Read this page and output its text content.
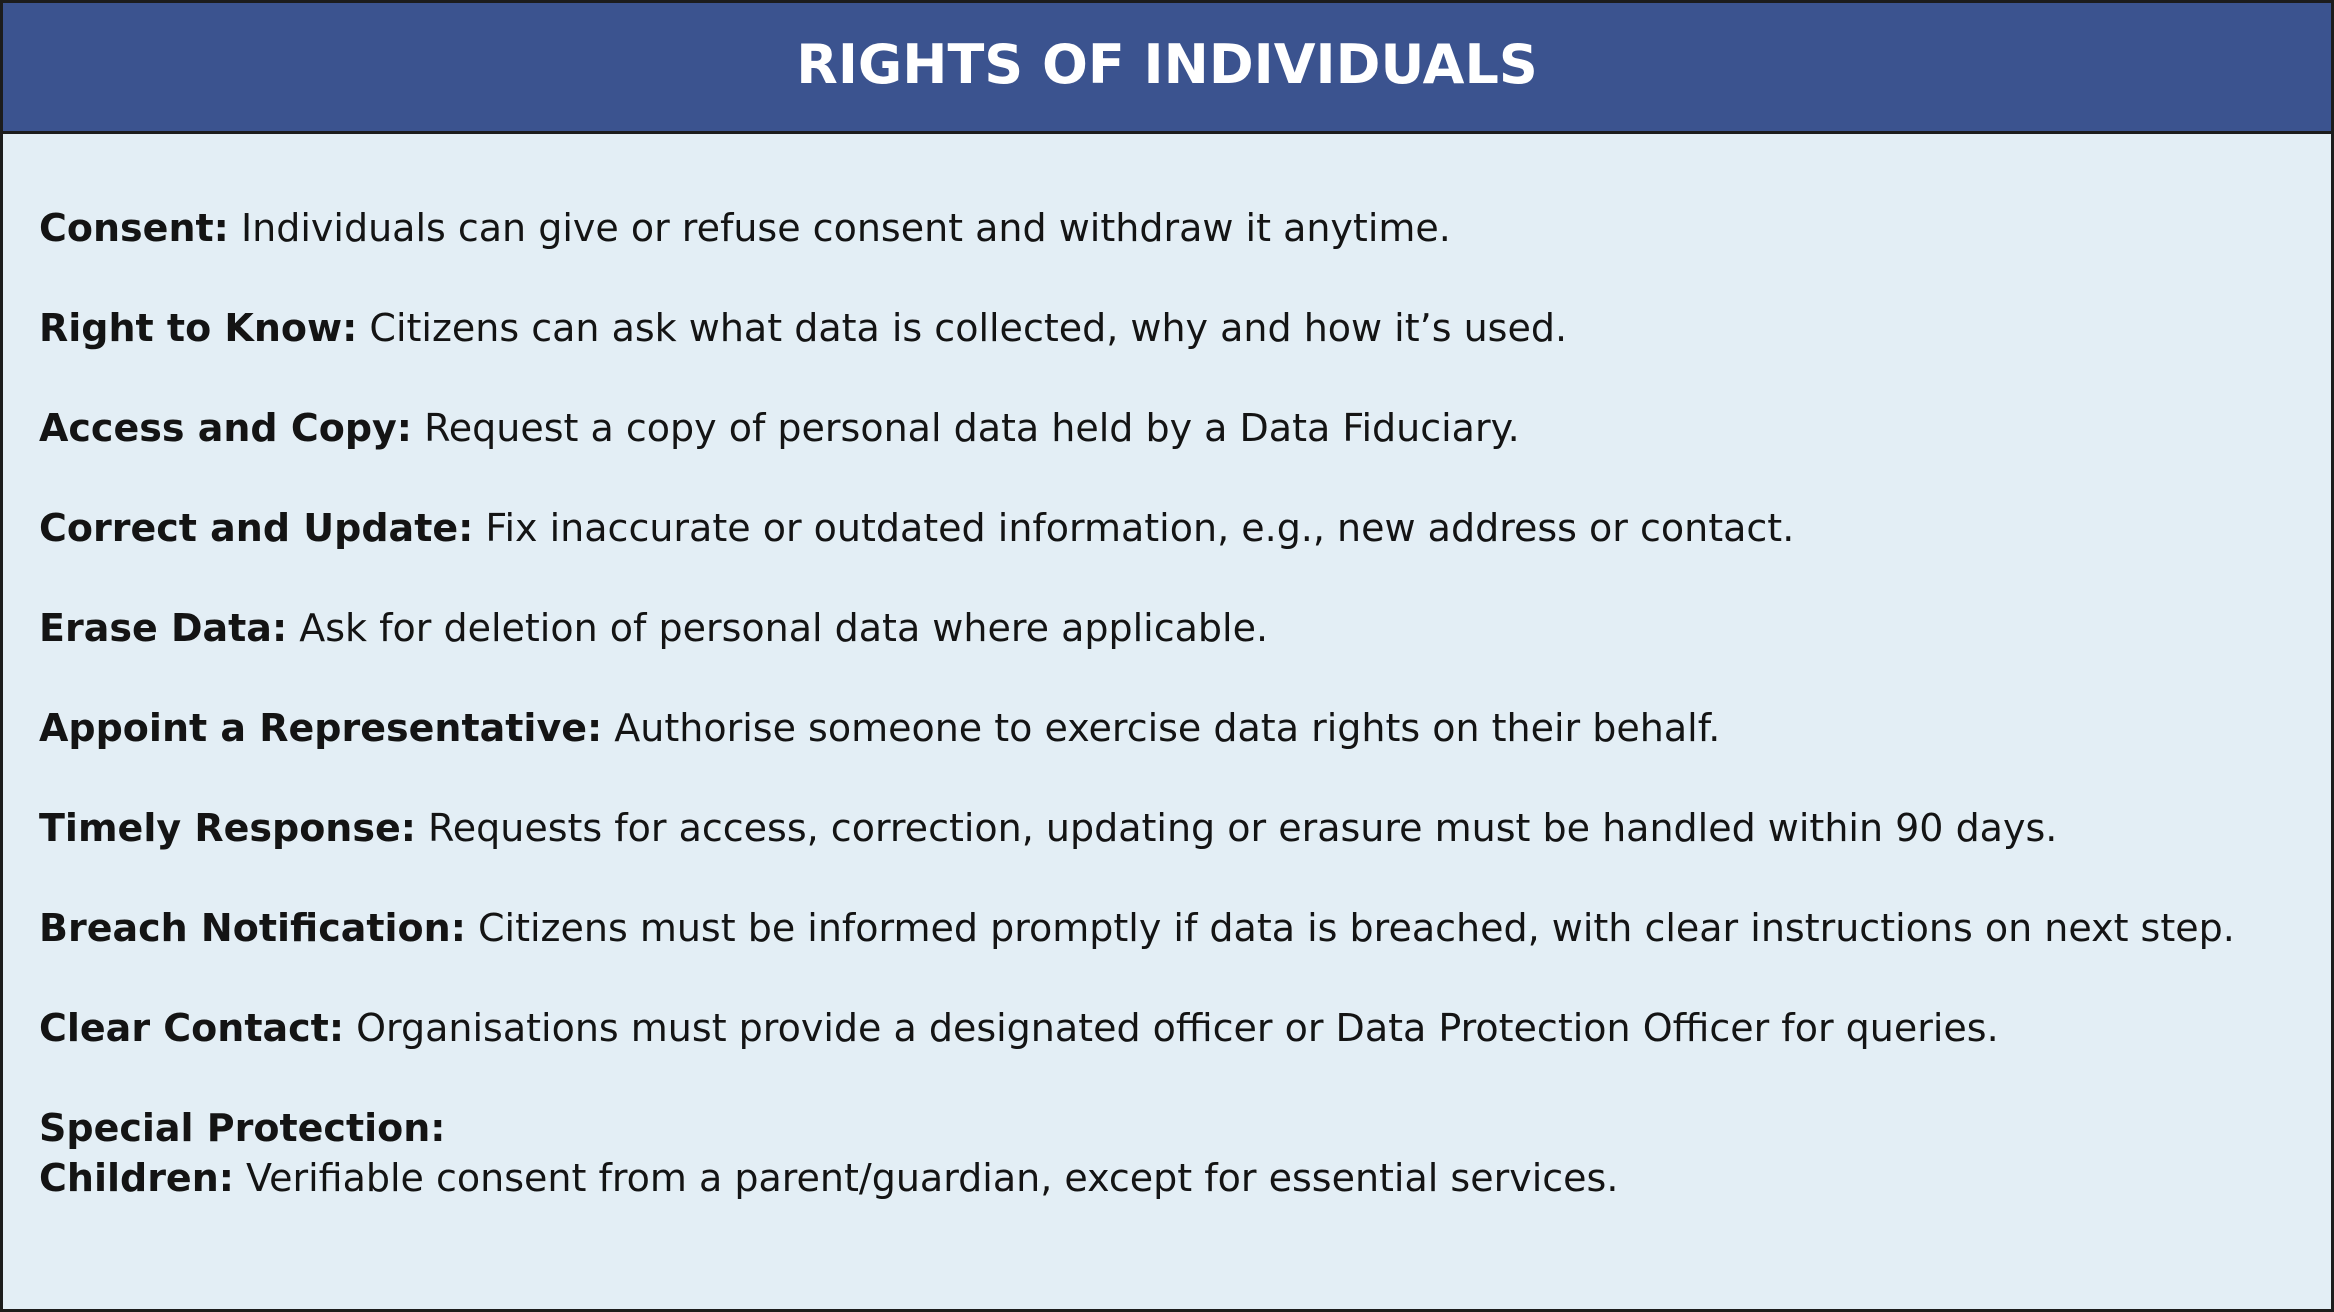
RIGHTS OF INDIVIDUALS
Consent: Individuals can give or refuse consent and withdraw it anytime.
Right to Know: Citizens can ask what data is collected, why and how it’s used.
Access and Copy: Request a copy of personal data held by a Data Fiduciary.
Correct and Update: Fix inaccurate or outdated information, e.g., new address or contact.
Erase Data: Ask for deletion of personal data where applicable.
Appoint a Representative: Authorise someone to exercise data rights on their behalf.
Timely Response: Requests for access, correction, updating or erasure must be handled within 90 days.
Breach Notification: Citizens must be informed promptly if data is breached, with clear instructions on next step.
Clear Contact: Organisations must provide a designated officer or Data Protection Officer for queries.
Special Protection:
Children: Verifiable consent from a parent/guardian, except for essential services.
